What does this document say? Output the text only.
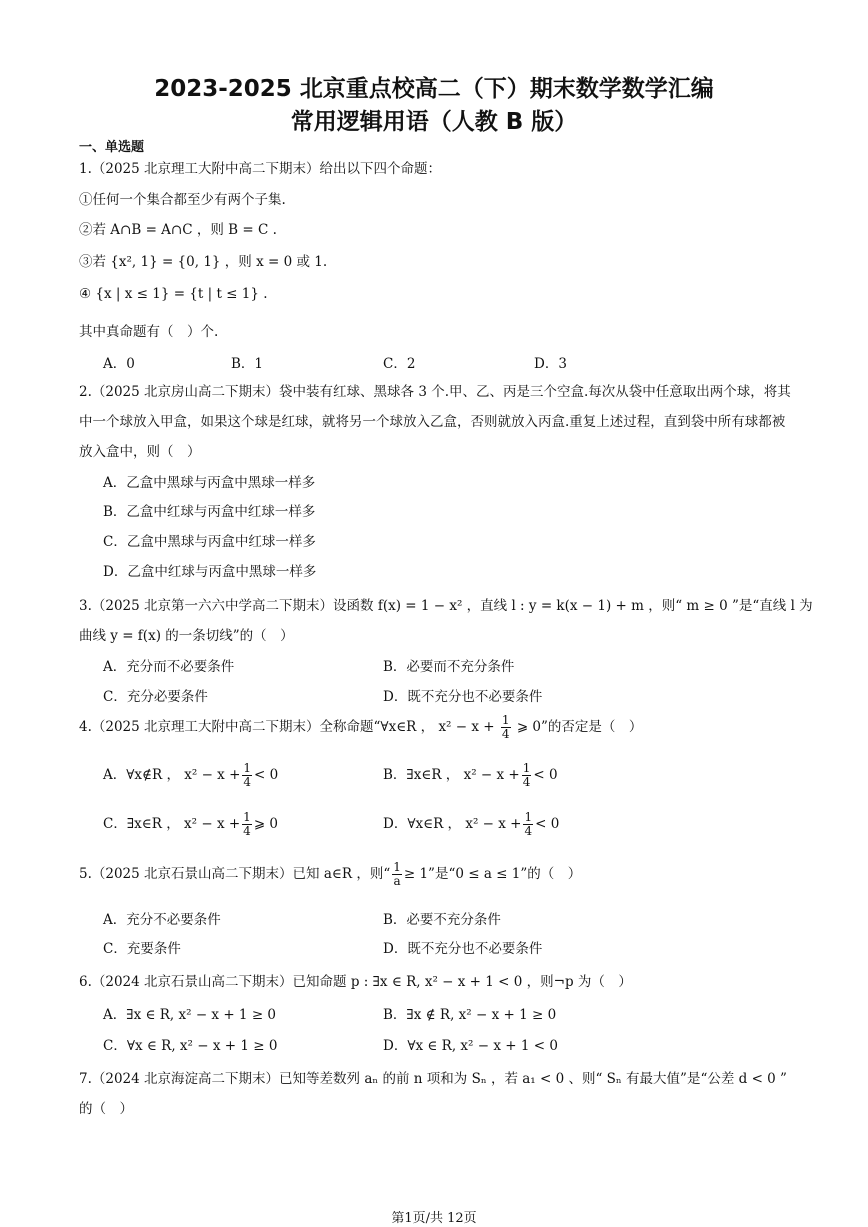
2023-2025 北京重点校高二（下）期末数学数学汇编
常用逻辑用语（人教 B 版）
一、单选题
1.（2025 北京理工大附中高二下期末）给出以下四个命题：
①任何一个集合都至少有两个子集.
②若 A∩B = A∩C ，则 B = C .
③若 {x², 1} = {0, 1} ，则 x = 0 或 1.
④ {x | x ≤ 1} = {t | t ≤ 1} .
其中真命题有（　）个.
A．0	B．1	C．2	D．3
2.（2025 北京房山高二下期末）袋中装有红球、黑球各 3 个.甲、乙、丙是三个空盒.每次从袋中任意取出两个球，将其中一个球放入甲盒，如果这个球是红球，就将另一个球放入乙盒，否则就放入丙盒.重复上述过程，直到袋中所有球都被放入盒中，则（　）
A．乙盒中黑球与丙盒中黑球一样多
B．乙盒中红球与丙盒中红球一样多
C．乙盒中黑球与丙盒中红球一样多
D．乙盒中红球与丙盒中黑球一样多
3.（2025 北京第一六六中学高二下期末）设函数 f(x) = 1 − x² ，直线 l : y = k(x − 1) + m ，则“ m ≥ 0 ”是“直线 l 为
曲线 y = f(x) 的一条切线”的（　）
A．充分而不必要条件	B．必要而不充分条件
C．充分必要条件	D．既不充分也不必要条件
4.（2025 北京理工大附中高二下期末）全称命题“∀x∈R ， $x^2 - x + \frac{1}{4}$ ⩾ 0”的否定是（　）
A．∀x∉R ， $x^2 - x + \frac{1}{4} < 0$	B．∃x∈R ， $x^2 - x + \frac{1}{4} < 0$
C．∃x∈R ， $x^2 - x + \frac{1}{4}$ ⩾ 0	D．∀x∈R ， $x^2 - x + \frac{1}{4} < 0$
5.（2025 北京石景山高二下期末）已知 a∈R ，则“ $\frac{1}{a} \ge 1$”是“0 ≤ a ≤ 1”的（　）
A．充分不必要条件	B．必要不充分条件
C．充要条件	D．既不充分也不必要条件
6.（2024 北京石景山高二下期末）已知命题 p : ∃x ∈ R, x² − x + 1 < 0 ，则¬p 为（　）
A．∃x ∈ R, x² − x + 1 ≥ 0	B．∃x ∉ R, x² − x + 1 ≥ 0
C．∀x ∈ R, x² − x + 1 ≥ 0	D．∀x ∈ R, x² − x + 1 < 0
7.（2024 北京海淀高二下期末）已知等差数列 aₙ 的前 n 项和为 Sₙ ，若 a₁ < 0 、则“ Sₙ 有最大值”是“公差 d < 0 ”
的（　）
第1页/共 12页
